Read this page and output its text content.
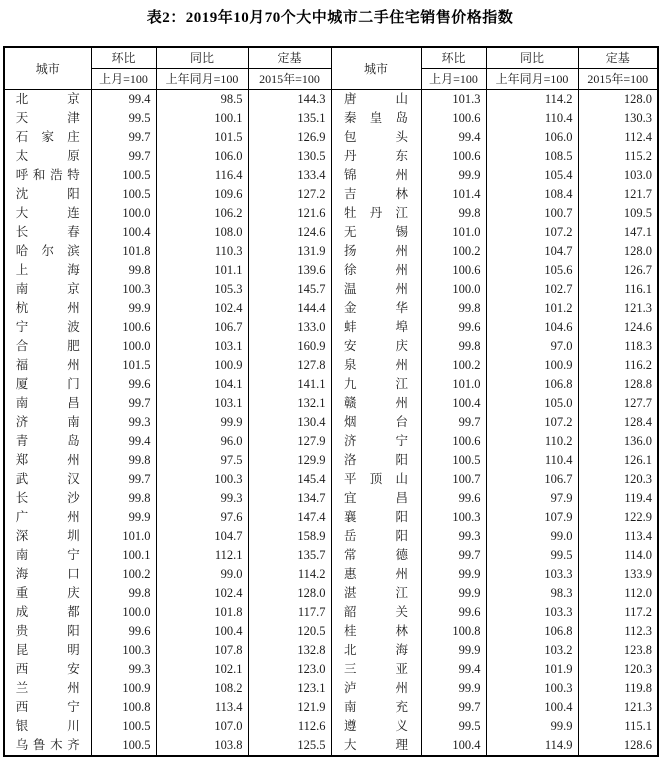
表2：2019年10月70个大中城市二手住宅销售价格指数
城市	环比	同比	定基	城市	环比	同比	定基
	上月=100	上年同月=100	2015年=100		上月=100	上年同月=100	2015年=100

北京	99.4	98.5	144.3	唐山	101.3	114.2	128.0

天津	99.5	100.1	135.1	秦皇岛	100.6	110.4	130.3

石家庄	99.7	101.5	126.9	包头	99.4	106.0	112.4

太原	99.7	106.0	130.5	丹东	100.6	108.5	115.2

呼和浩特	100.5	116.4	133.4	锦州	99.9	105.4	103.0

沈阳	100.5	109.6	127.2	吉林	101.4	108.4	121.7

大连	100.0	106.2	121.6	牡丹江	99.8	100.7	109.5

长春	100.4	108.0	124.6	无锡	101.0	107.2	147.1

哈尔滨	101.8	110.3	131.9	扬州	100.2	104.7	128.0

上海	99.8	101.1	139.6	徐州	100.6	105.6	126.7

南京	100.3	105.3	145.7	温州	100.0	102.7	116.1

杭州	99.9	102.4	144.4	金华	99.8	101.2	121.3

宁波	100.6	106.7	133.0	蚌埠	99.6	104.6	124.6

合肥	100.0	103.1	160.9	安庆	99.8	97.0	118.3

福州	101.5	100.9	127.8	泉州	100.2	100.9	116.2

厦门	99.6	104.1	141.1	九江	101.0	106.8	128.8

南昌	99.7	103.1	132.1	赣州	100.4	105.0	127.7

济南	99.3	99.9	130.4	烟台	99.7	107.2	128.4

青岛	99.4	96.0	127.9	济宁	100.6	110.2	136.0

郑州	99.8	97.5	129.9	洛阳	100.5	110.4	126.1

武汉	99.7	100.3	145.4	平顶山	100.7	106.7	120.3

长沙	99.8	99.3	134.7	宜昌	99.6	97.9	119.4

广州	99.9	97.6	147.4	襄阳	100.3	107.9	122.9

深圳	101.0	104.7	158.9	岳阳	99.3	99.0	113.4

南宁	100.1	112.1	135.7	常德	99.7	99.5	114.0

海口	100.2	99.0	114.2	惠州	99.9	103.3	133.9

重庆	99.8	102.4	128.0	湛江	99.9	98.3	112.0

成都	100.0	101.8	117.7	韶关	99.6	103.3	117.2

贵阳	99.6	100.4	120.5	桂林	100.8	106.8	112.3

昆明	100.3	107.8	132.8	北海	99.9	103.2	123.8

西安	99.3	102.1	123.0	三亚	99.4	101.9	120.3

兰州	100.9	108.2	123.1	泸州	99.9	100.3	119.8

西宁	100.8	113.4	121.9	南充	99.7	100.4	121.3

银川	100.5	107.0	112.6	遵义	99.5	99.9	115.1

乌鲁木齐	100.5	103.8	125.5	大理	100.4	114.9	128.6
